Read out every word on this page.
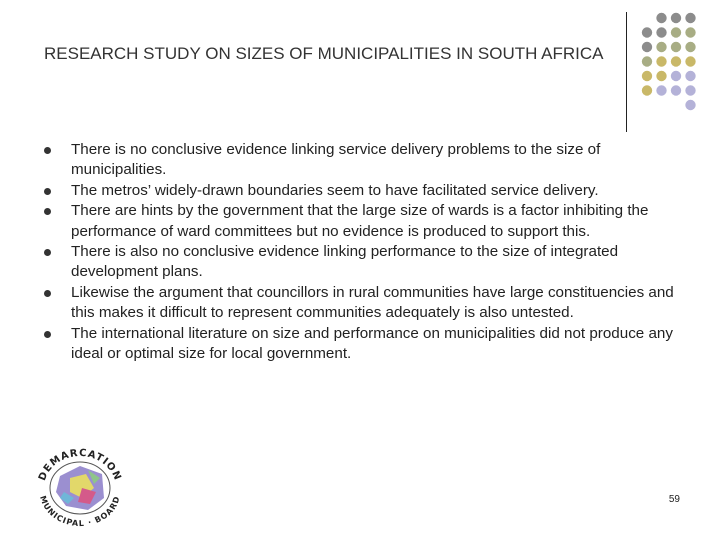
RESEARCH STUDY ON SIZES OF MUNICIPALITIES IN SOUTH AFRICA
There is no conclusive evidence linking service delivery problems to the size of municipalities.
The metros’ widely-drawn boundaries seem to have facilitated service delivery.
There are hints by the government that the large size of wards is a factor inhibiting the performance of ward committees but no evidence is produced to support this.
There is also no conclusive evidence linking performance to the size of integrated development plans.
Likewise the argument that councillors in rural communities have large constituencies and this makes it difficult to represent communities adequately is also untested.
The international literature on size and performance on municipalities did not produce any ideal or optimal size for local government.
DEMARCATION
MUNICIPAL · BOARD	59
